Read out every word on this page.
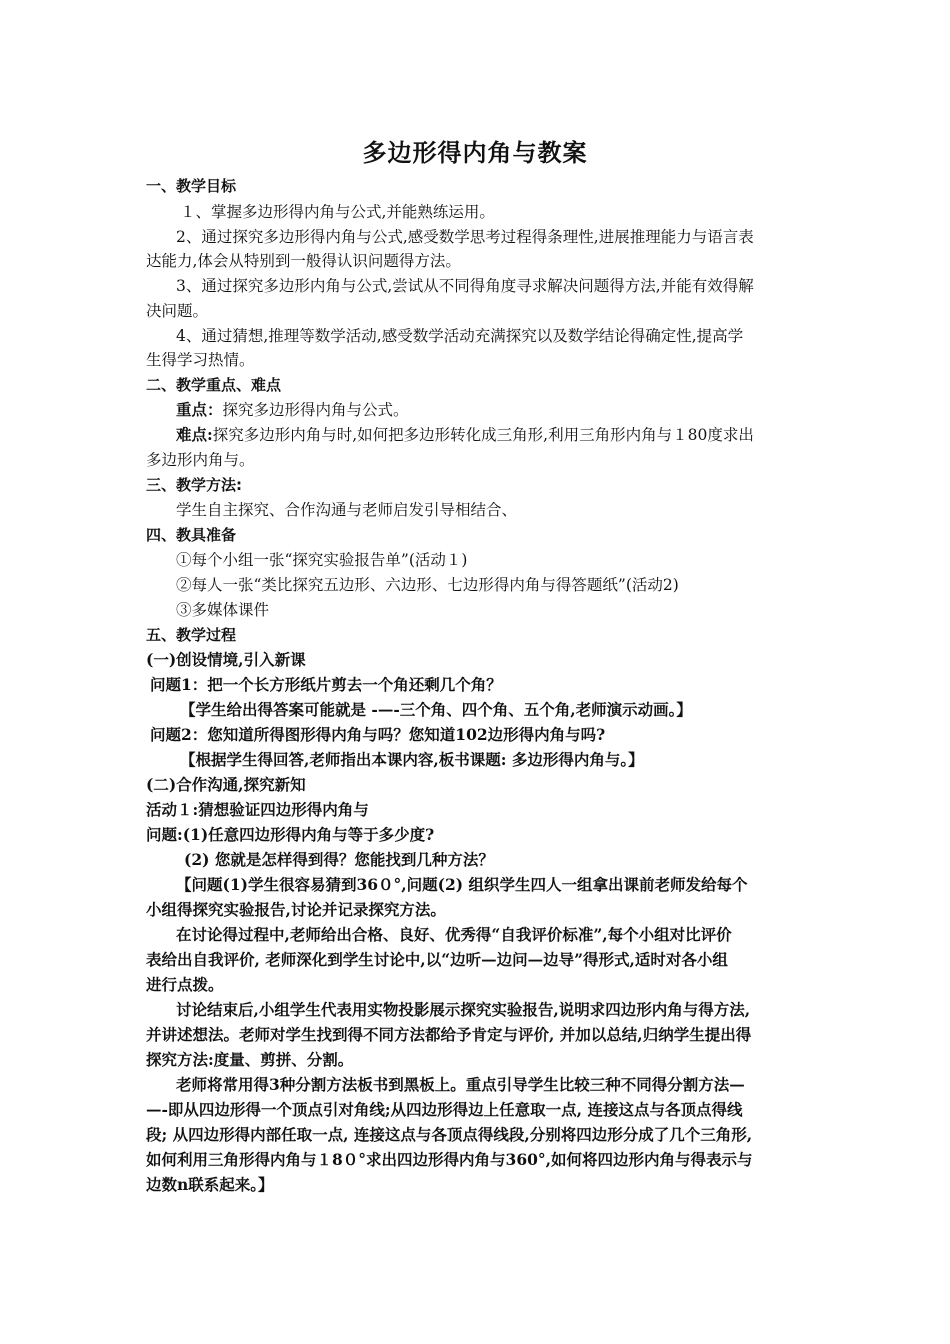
多边形得内角与教案
一、教学目标
１、掌握多边形得内角与公式,并能熟练运用。
2、通过探究多边形得内角与公式,感受数学思考过程得条理性,进展推理能力与语言表
达能力,体会从特别到一般得认识问题得方法。
3、通过探究多边形内角与公式,尝试从不同得角度寻求解决问题得方法,并能有效得解
决问题。
4、通过猜想,推理等数学活动,感受数学活动充满探究以及数学结论得确定性,提高学
生得学习热情。
二、教学重点、难点
重点：探究多边形得内角与公式。
难点:探究多边形内角与时,如何把多边形转化成三角形,利用三角形内角与１80度求出
多边形内角与。
三、教学方法:
学生自主探究、合作沟通与老师启发引导相结合、
四、教具准备
①每个小组一张“探究实验报告单”(活动１)
②每人一张“类比探究五边形、六边形、七边形得内角与得答题纸”(活动2)
③多媒体课件
五、教学过程
(一)创设情境,引入新课
问题1：把一个长方形纸片剪去一个角还剩几个角？
【学生给出得答案可能就是 -—-三个角、四个角、五个角,老师演示动画。】
问题2：您知道所得图形得内角与吗？您知道102边形得内角与吗?
【根据学生得回答,老师指出本课内容,板书课题: 多边形得内角与。】
(二)合作沟通,探究新知
活动１:猜想验证四边形得内角与
问题:(1)任意四边形得内角与等于多少度?
(2) 您就是怎样得到得？您能找到几种方法？
【问题(1)学生很容易猜到36０°,问题(2) 组织学生四人一组拿出课前老师发给每个
小组得探究实验报告,讨论并记录探究方法。
在讨论得过程中,老师给出合格、良好、优秀得“自我评价标准”,每个小组对比评价
表给出自我评价, 老师深化到学生讨论中,以“边听—边问—边导”得形式,适时对各小组
进行点拨。
讨论结束后,小组学生代表用实物投影展示探究实验报告,说明求四边形内角与得方法,
并讲述想法。老师对学生找到得不同方法都给予肯定与评价, 并加以总结,归纳学生提出得
探究方法:度量、剪拼、分割。
老师将常用得3种分割方法板书到黑板上。重点引导学生比较三种不同得分割方法—
—-即从四边形得一个顶点引对角线;从四边形得边上任意取一点, 连接这点与各顶点得线
段; 从四边形得内部任取一点, 连接这点与各顶点得线段,分别将四边形分成了几个三角形,
如何利用三角形得内角与１8０°求出四边形得内角与360°,如何将四边形内角与得表示与
边数n联系起来。】
